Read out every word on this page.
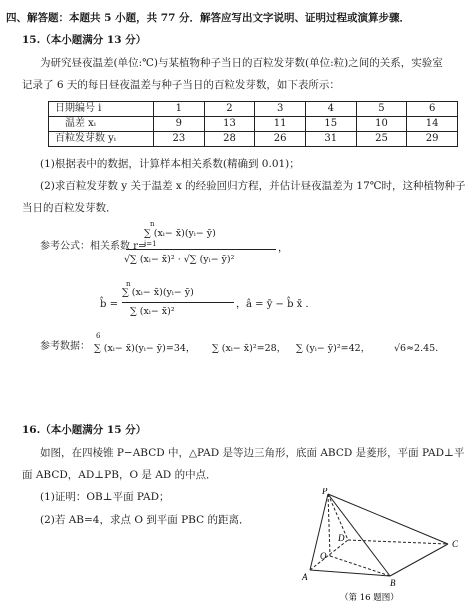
四、解答题：本题共 5 小题，共 77 分．解答应写出文字说明、证明过程或演算步骤．
15.（本小题满分 13 分）
为研究昼夜温差(单位:℃)与某植物种子当日的百粒发芽数(单位:粒)之间的关系，实验室
记录了 6 天的每日昼夜温差与种子当日的百粒发芽数，如下表所示：
日期编号 i	1	2	3	4	5	6
温差 xᵢ	9	13	11	15	10	14
百粒发芽数 yᵢ	23	28	26	31	25	29
(1)根据表中的数据，计算样本相关系数(精确到 0.01)；
(2)求百粒发芽数 y 关于温差 x 的经验回归方程，并估计昼夜温差为 17℃时，这种植物种子
当日的百粒发芽数．
参考公式：相关系数 r=
n
∑ (xᵢ− x̄)(yᵢ− ȳ)
i=1
√∑ (xᵢ− x̄)² · √∑ (yᵢ− ȳ)²
，
b̂ =
n
∑ (xᵢ− x̄)(yᵢ− ȳ)
∑ (xᵢ− x̄)²
，â = ȳ − b̂ x̄ ．
参考数据：
6
∑ (xᵢ− x̄)(yᵢ− ȳ)=34， ∑ (xᵢ− x̄)²=28， ∑ (yᵢ− ȳ)²=42，	√6≈2.45．
16.（本小题满分 15 分）
如图，在四棱锥 P−ABCD 中，△PAD 是等边三角形，底面 ABCD 是菱形，平面 PAD⊥平
面 ABCD，AD⊥PB，O 是 AD 的中点．
(1)证明：OB⊥平面 PAD；
(2)若 AB=4，求点 O 到平面 PBC 的距离．
P
A
B
C
D
O
（第 16 题图）
